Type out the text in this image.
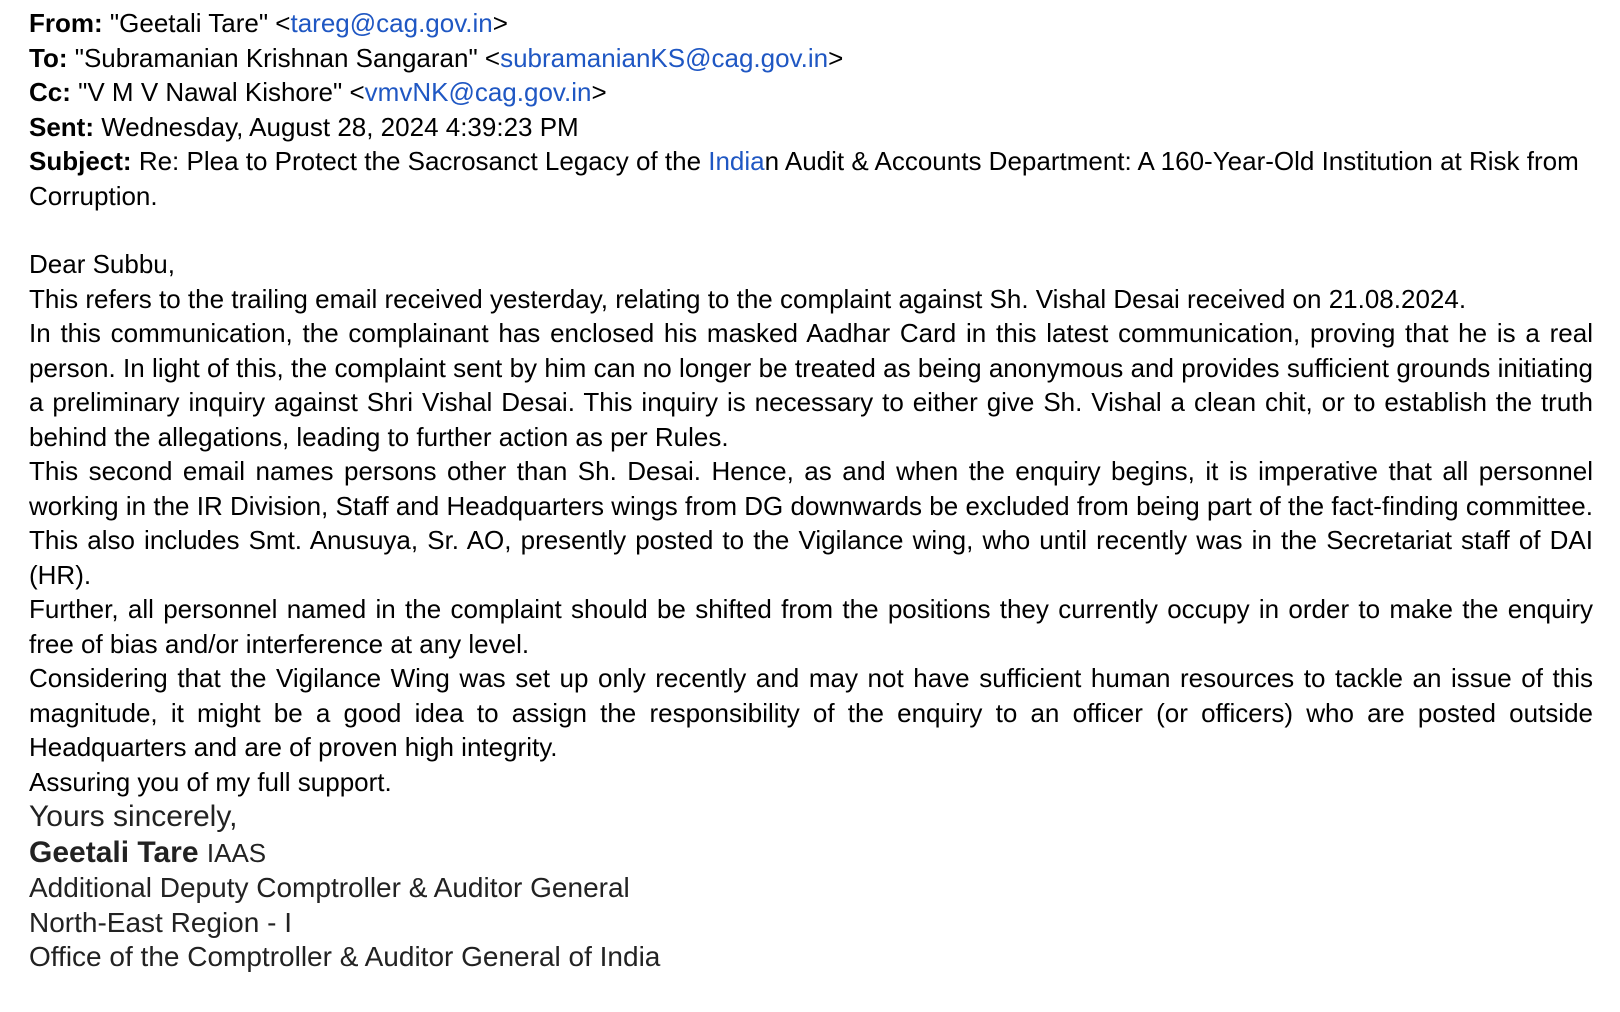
From: "Geetali Tare" <tareg@cag.gov.in>
To: "Subramanian Krishnan Sangaran" <subramanianKS@cag.gov.in>
Cc: "V M V Nawal Kishore" <vmvNK@cag.gov.in>
Sent: Wednesday, August 28, 2024 4:39:23 PM
Subject: Re: Plea to Protect the Sacrosanct Legacy of the Indian Audit & Accounts Department: A 160-Year-Old Institution at Risk from Corruption.

Dear Subbu,

This refers to the trailing email received yesterday, relating to the complaint against Sh. Vishal Desai received on 21.08.2024.

In this communication, the complainant has enclosed his masked Aadhar Card in this latest communication, proving that he is a real person. In light of this, the complaint sent by him can no longer be treated as being anonymous and provides sufficient grounds initiating a preliminary inquiry against Shri Vishal Desai. This inquiry is necessary to either give Sh. Vishal a clean chit, or to establish the truth behind the allegations, leading to further action as per Rules.

This second email names persons other than Sh. Desai. Hence, as and when the enquiry begins, it is imperative that all personnel working in the IR Division, Staff and Headquarters wings from DG downwards be excluded from being part of the fact-finding committee. This also includes Smt. Anusuya, Sr. AO, presently posted to the Vigilance wing, who until recently was in the Secretariat staff of DAI (HR).

Further, all personnel named in the complaint should be shifted from the positions they currently occupy in order to make the enquiry free of bias and/or interference at any level.

Considering that the Vigilance Wing was set up only recently and may not have sufficient human resources to tackle an issue of this magnitude, it might be a good idea to assign the responsibility of the enquiry to an officer (or officers) who are posted outside Headquarters and are of proven high integrity.

Assuring you of my full support.

Yours sincerely,
Geetali Tare IAAS
Additional Deputy Comptroller & Auditor General
North-East Region - I
Office of the Comptroller & Auditor General of India
